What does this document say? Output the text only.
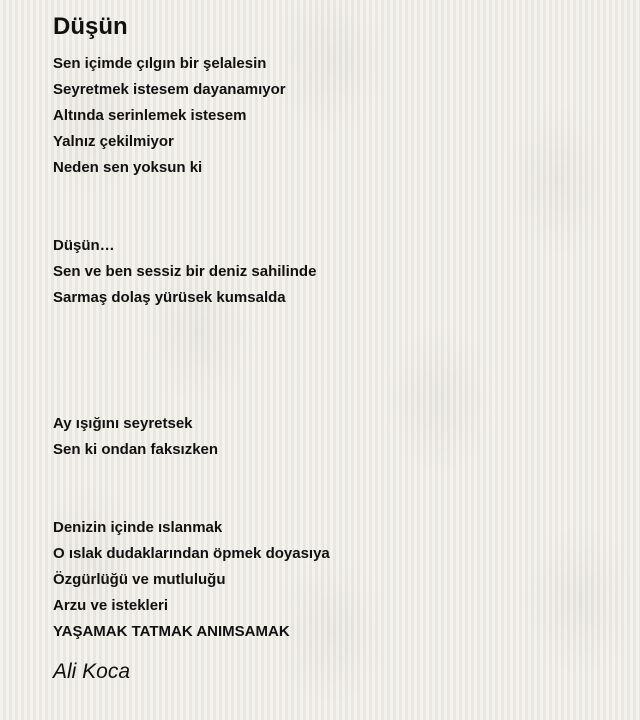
Düşün
Sen içimde çılgın bir şelalesin
Seyretmek istesem dayanamıyor
Altında serinlemek istesem
Yalnız çekilmiyor
Neden sen yoksun ki
Düşün…
Sen ve ben sessiz bir deniz sahilinde
Sarmaş dolaş yürüsek kumsalda
Ay ışığını seyretsek
Sen ki ondan faksızken
Denizin içinde ıslanmak
O ıslak dudaklarından öpmek doyasıya
Özgürlüğü ve mutluluğu
Arzu ve istekleri
YAŞAMAK TATMAK ANIMSAMAK
Ali Koca
